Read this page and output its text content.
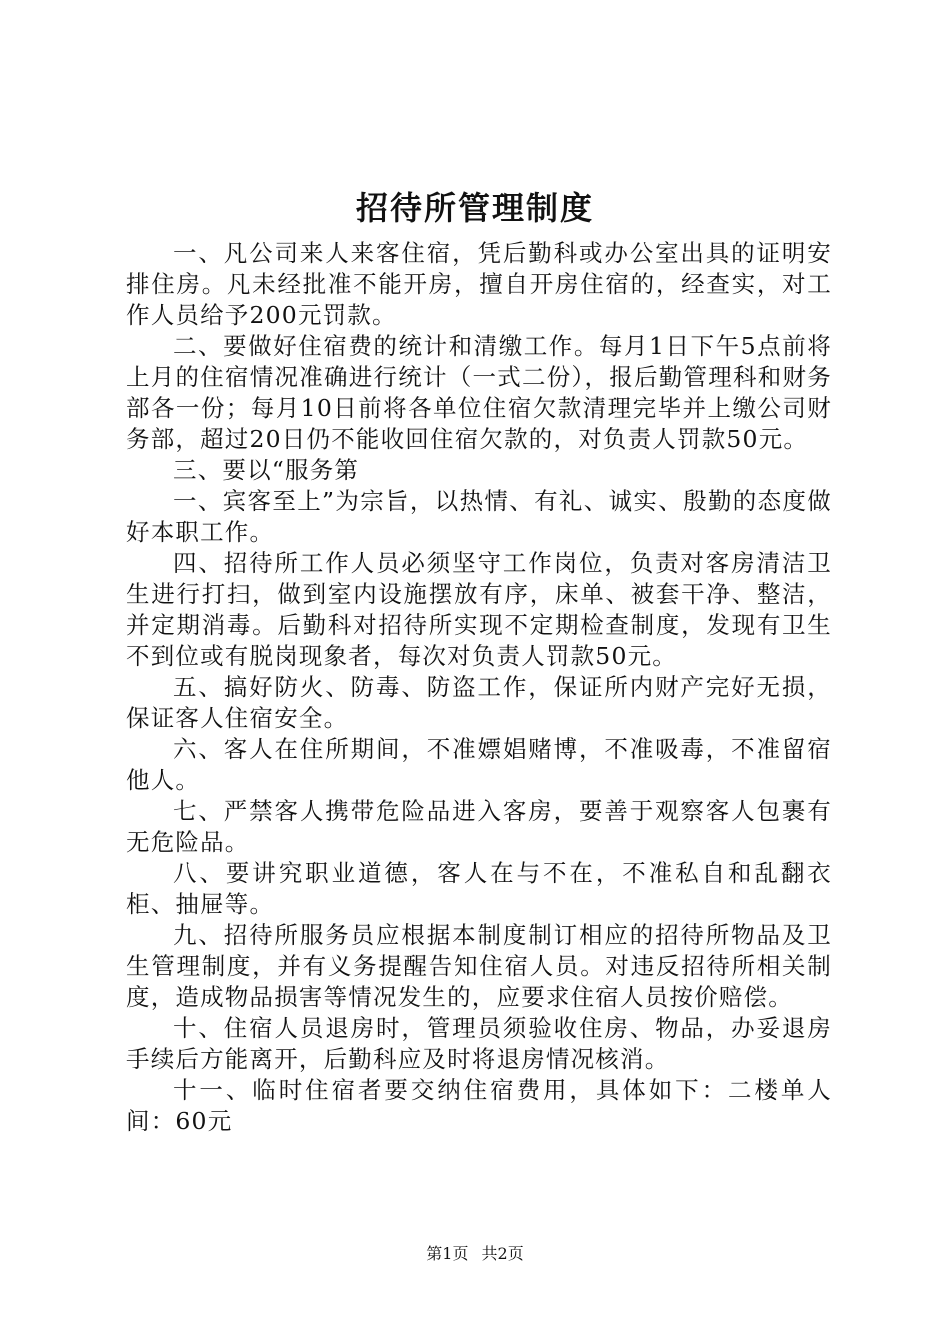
招待所管理制度

一、凡公司来人来客住宿，凭后勤科或办公室出具的证明安排住房。凡未经批准不能开房，擅自开房住宿的，经查实，对工作人员给予200元罚款。

二、要做好住宿费的统计和清缴工作。每月1日下午5点前将上月的住宿情况准确进行统计（一式二份），报后勤管理科和财务部各一份；每月10日前将各单位住宿欠款清理完毕并上缴公司财务部，超过20日仍不能收回住宿欠款的，对负责人罚款50元。

三、要以“服务第

一、宾客至上”为宗旨，以热情、有礼、诚实、殷勤的态度做好本职工作。

四、招待所工作人员必须坚守工作岗位，负责对客房清洁卫生进行打扫，做到室内设施摆放有序，床单、被套干净、整洁，并定期消毒。后勤科对招待所实现不定期检查制度，发现有卫生不到位或有脱岗现象者，每次对负责人罚款50元。

五、搞好防火、防毒、防盗工作，保证所内财产完好无损，保证客人住宿安全。

六、客人在住所期间，不准嫖娼赌博，不准吸毒，不准留宿他人。

七、严禁客人携带危险品进入客房，要善于观察客人包裹有无危险品。

八、要讲究职业道德，客人在与不在，不准私自和乱翻衣柜、抽屉等。

九、招待所服务员应根据本制度制订相应的招待所物品及卫生管理制度，并有义务提醒告知住宿人员。对违反招待所相关制度，造成物品损害等情况发生的，应要求住宿人员按价赔偿。

十、住宿人员退房时，管理员须验收住房、物品，办妥退房手续后方能离开，后勤科应及时将退房情况核消。

十一、临时住宿者要交纳住宿费用，具体如下：二楼单人间：60元

第1页 共2页
